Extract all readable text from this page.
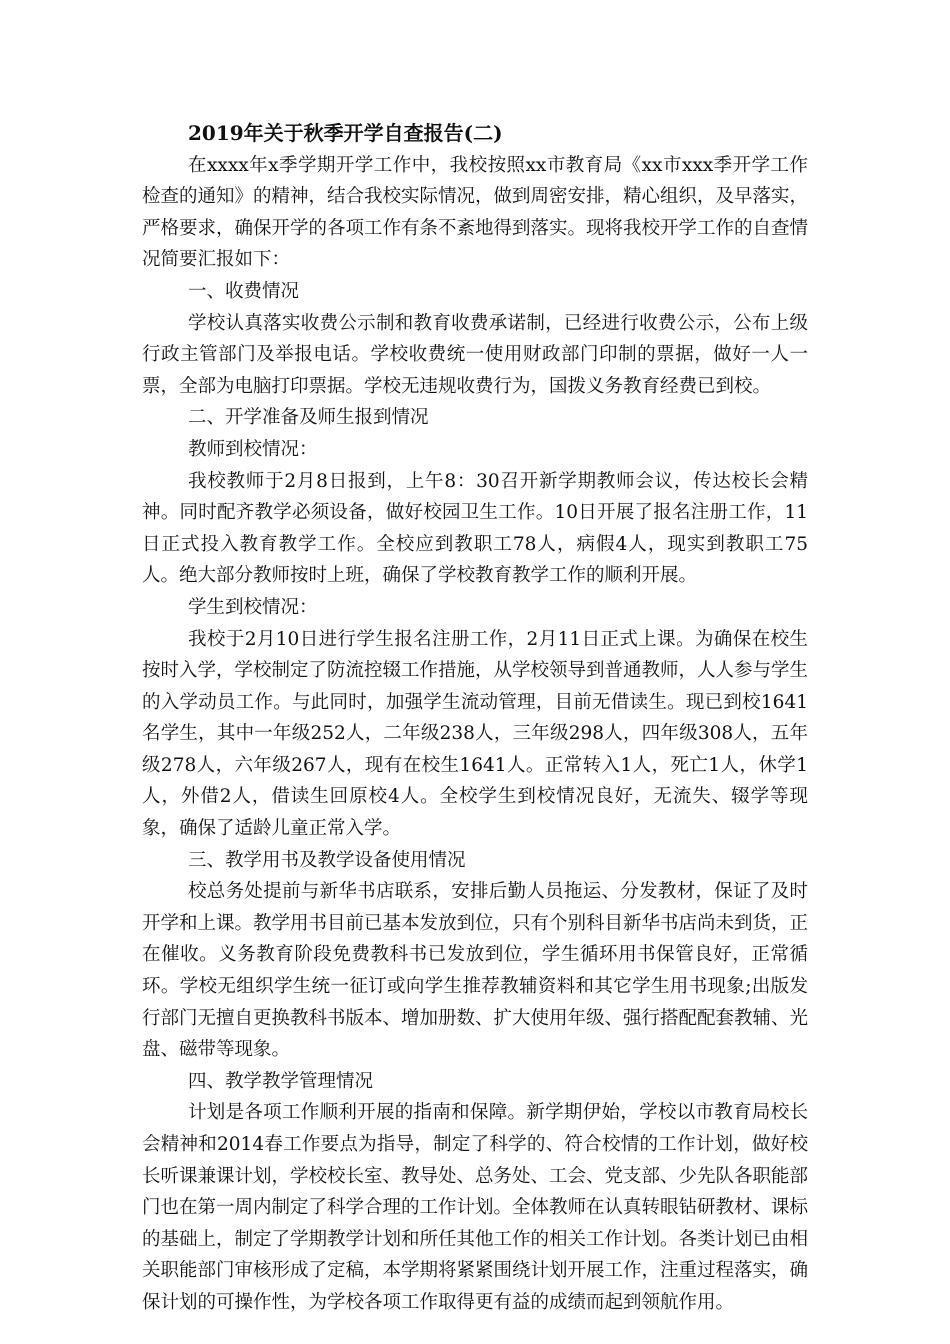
2019年关于秋季开学自查报告(二)

在xxxx年x季学期开学工作中，我校按照xx市教育局《xx市xxx季开学工作检查的通知》的精神，结合我校实际情况，做到周密安排，精心组织，及早落实，严格要求，确保开学的各项工作有条不紊地得到落实。现将我校开学工作的自查情况简要汇报如下：

一、收费情况

学校认真落实收费公示制和教育收费承诺制，已经进行收费公示，公布上级行政主管部门及举报电话。学校收费统一使用财政部门印制的票据，做好一人一票，全部为电脑打印票据。学校无违规收费行为，国拨义务教育经费已到校。

二、开学准备及师生报到情况

教师到校情况：

我校教师于2月8日报到，上午8：30召开新学期教师会议，传达校长会精神。同时配齐教学必须设备，做好校园卫生工作。10日开展了报名注册工作，11日正式投入教育教学工作。全校应到教职工78人，病假4人，现实到教职工75人。绝大部分教师按时上班，确保了学校教育教学工作的顺利开展。

学生到校情况：

我校于2月10日进行学生报名注册工作，2月11日正式上课。为确保在校生按时入学，学校制定了防流控辍工作措施，从学校领导到普通教师，人人参与学生的入学动员工作。与此同时，加强学生流动管理，目前无借读生。现已到校1641名学生，其中一年级252人，二年级238人，三年级298人，四年级308人，五年级278人，六年级267人，现有在校生1641人。正常转入1人，死亡1人，休学1人，外借2人，借读生回原校4人。全校学生到校情况良好，无流失、辍学等现象，确保了适龄儿童正常入学。

三、教学用书及教学设备使用情况

校总务处提前与新华书店联系，安排后勤人员拖运、分发教材，保证了及时开学和上课。教学用书目前已基本发放到位，只有个别科目新华书店尚未到货，正在催收。义务教育阶段免费教科书已发放到位，学生循环用书保管良好，正常循环。学校无组织学生统一征订或向学生推荐教辅资料和其它学生用书现象;出版发行部门无擅自更换教科书版本、增加册数、扩大使用年级、强行搭配配套教辅、光盘、磁带等现象。

四、教学教学管理情况

计划是各项工作顺利开展的指南和保障。新学期伊始，学校以市教育局校长会精神和2014春工作要点为指导，制定了科学的、符合校情的工作计划，做好校长听课兼课计划，学校校长室、教导处、总务处、工会、党支部、少先队各职能部门也在第一周内制定了科学合理的工作计划。全体教师在认真转眼钻研教材、课标的基础上，制定了学期教学计划和所任其他工作的相关工作计划。各类计划已由相关职能部门审核形成了定稿，本学期将紧紧围绕计划开展工作，注重过程落实，确保计划的可操作性，为学校各项工作取得更有益的成绩而起到领航作用。
